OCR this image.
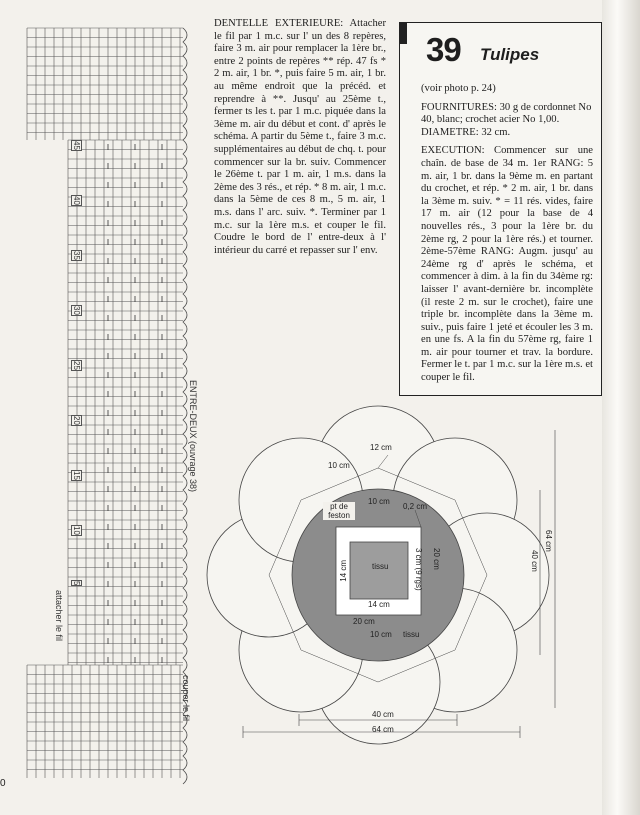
45
40
35
30
25
20
15
10
5
ENTRE-DEUX (ouvrage 38)
attacher le fil
couper le fil

DENTELLE EXTERIEURE: Attacher le fil par 1 m.c. sur l' un des 8 repères, faire 3 m. air pour remplacer la 1ère br., entre 2 points de repères ** rép. 47 fs * 2 m. air, 1 br. *, puis faire 5 m. air, 1 br. au même endroit que la précéd. et reprendre à **. Jusqu' au 25ème t., fermer ts les t. par 1 m.c. piquée dans la 3ème m. air du début et cont. d' après le schéma. A partir du 5ème t., faire 3 m.c. supplémentaires au début de chq. t. pour commencer sur la br. suiv. Commencer le 26ème t. par 1 m. air, 1 m.s. dans la 2ème des 3 rés., et rép. * 8 m. air, 1 m.c. dans la 5ème de ces 8 m., 5 m. air, 1 m.s. dans l' arc. suiv. *. Terminer par 1 m.c. sur la 1ère m.s. et couper le fil. Coudre le bord de l' entre-deux à l' intérieur du carré et repasser sur l' env.

39 Tulipes

(voir photo p. 24)

FOURNITURES: 30 g de cordonnet No 40, blanc; crochet acier No 1,00.

DIAMETRE: 32 cm.

EXECUTION: Commencer sur une chaîn. de base de 34 m. 1er RANG: 5 m. air, 1 br. dans la 9ème m. en partant du crochet, et rép. * 2 m. air, 1 br. dans la 3ème m. suiv. * = 11 rés. vides, faire 17 m. air (12 pour la base de 4 nouvelles rés., 3 pour la 1ère br. du 2ème rg, 2 pour la 1ère rés.) et tourner. 2ème-57ème RANG: Augm. jusqu' au 24ème rg d' après le schéma, et commencer à dim. à la fin du 34ème rg: laisser l' avant-dernière br. incomplète (il reste 2 m. sur le crochet), faire une triple br. incomplète dans la 3ème m. suiv., puis faire 1 jeté et écouler les 3 m. en une fs. A la fin du 57ème rg, faire 1 m. air pour tourner et trav. la bordure. Fermer le t. par 1 m.c. sur la 1ère m.s. et couper le fil.

12 cm
10 cm
10 cm
0,2 cm
pt de feston
tissu
14 cm	3 cm (9 rgs) 20 cm
14 cm
20 cm
10 cm tissu
40 cm
64 cm
64 cm
40 cm
0
